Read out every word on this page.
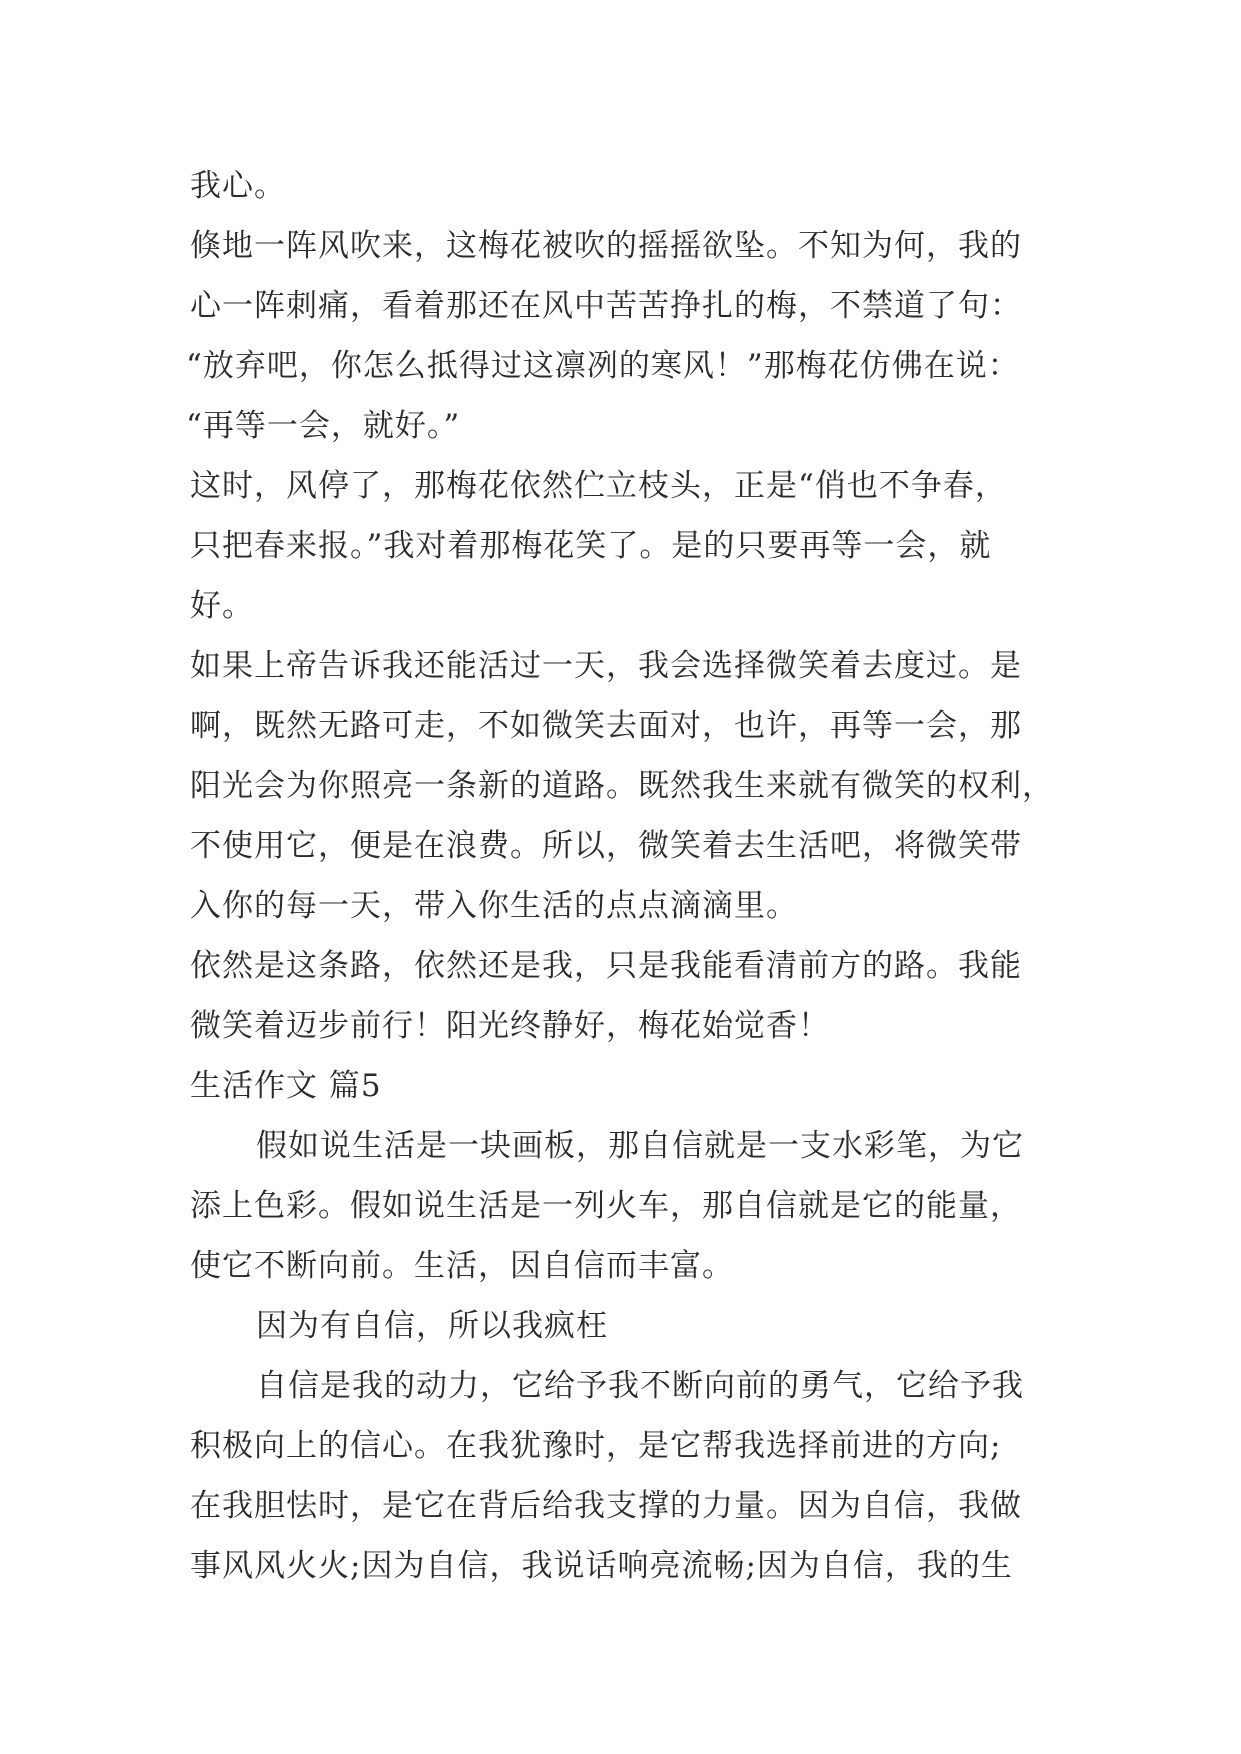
我心。
倏地一阵风吹来，这梅花被吹的摇摇欲坠。不知为何，我的
心一阵刺痛，看着那还在风中苦苦挣扎的梅，不禁道了句：
“放弃吧，你怎么抵得过这凛冽的寒风！”那梅花仿佛在说：
“再等一会，就好。”
这时，风停了，那梅花依然伫立枝头，正是“俏也不争春，
只把春来报。”我对着那梅花笑了。是的只要再等一会，就
好。
如果上帝告诉我还能活过一天，我会选择微笑着去度过。是
啊，既然无路可走，不如微笑去面对，也许，再等一会，那
阳光会为你照亮一条新的道路。既然我生来就有微笑的权利，
不使用它，便是在浪费。所以，微笑着去生活吧，将微笑带
入你的每一天，带入你生活的点点滴滴里。
依然是这条路，依然还是我，只是我能看清前方的路。我能
微笑着迈步前行！阳光终静好，梅花始觉香！
生活作文 篇5
假如说生活是一块画板，那自信就是一支水彩笔，为它
添上色彩。假如说生活是一列火车，那自信就是它的能量，
使它不断向前。生活，因自信而丰富。
因为有自信，所以我疯枉
自信是我的动力，它给予我不断向前的勇气，它给予我
积极向上的信心。在我犹豫时，是它帮我选择前进的方向;
在我胆怯时，是它在背后给我支撑的力量。因为自信，我做
事风风火火;因为自信，我说话响亮流畅;因为自信，我的生
